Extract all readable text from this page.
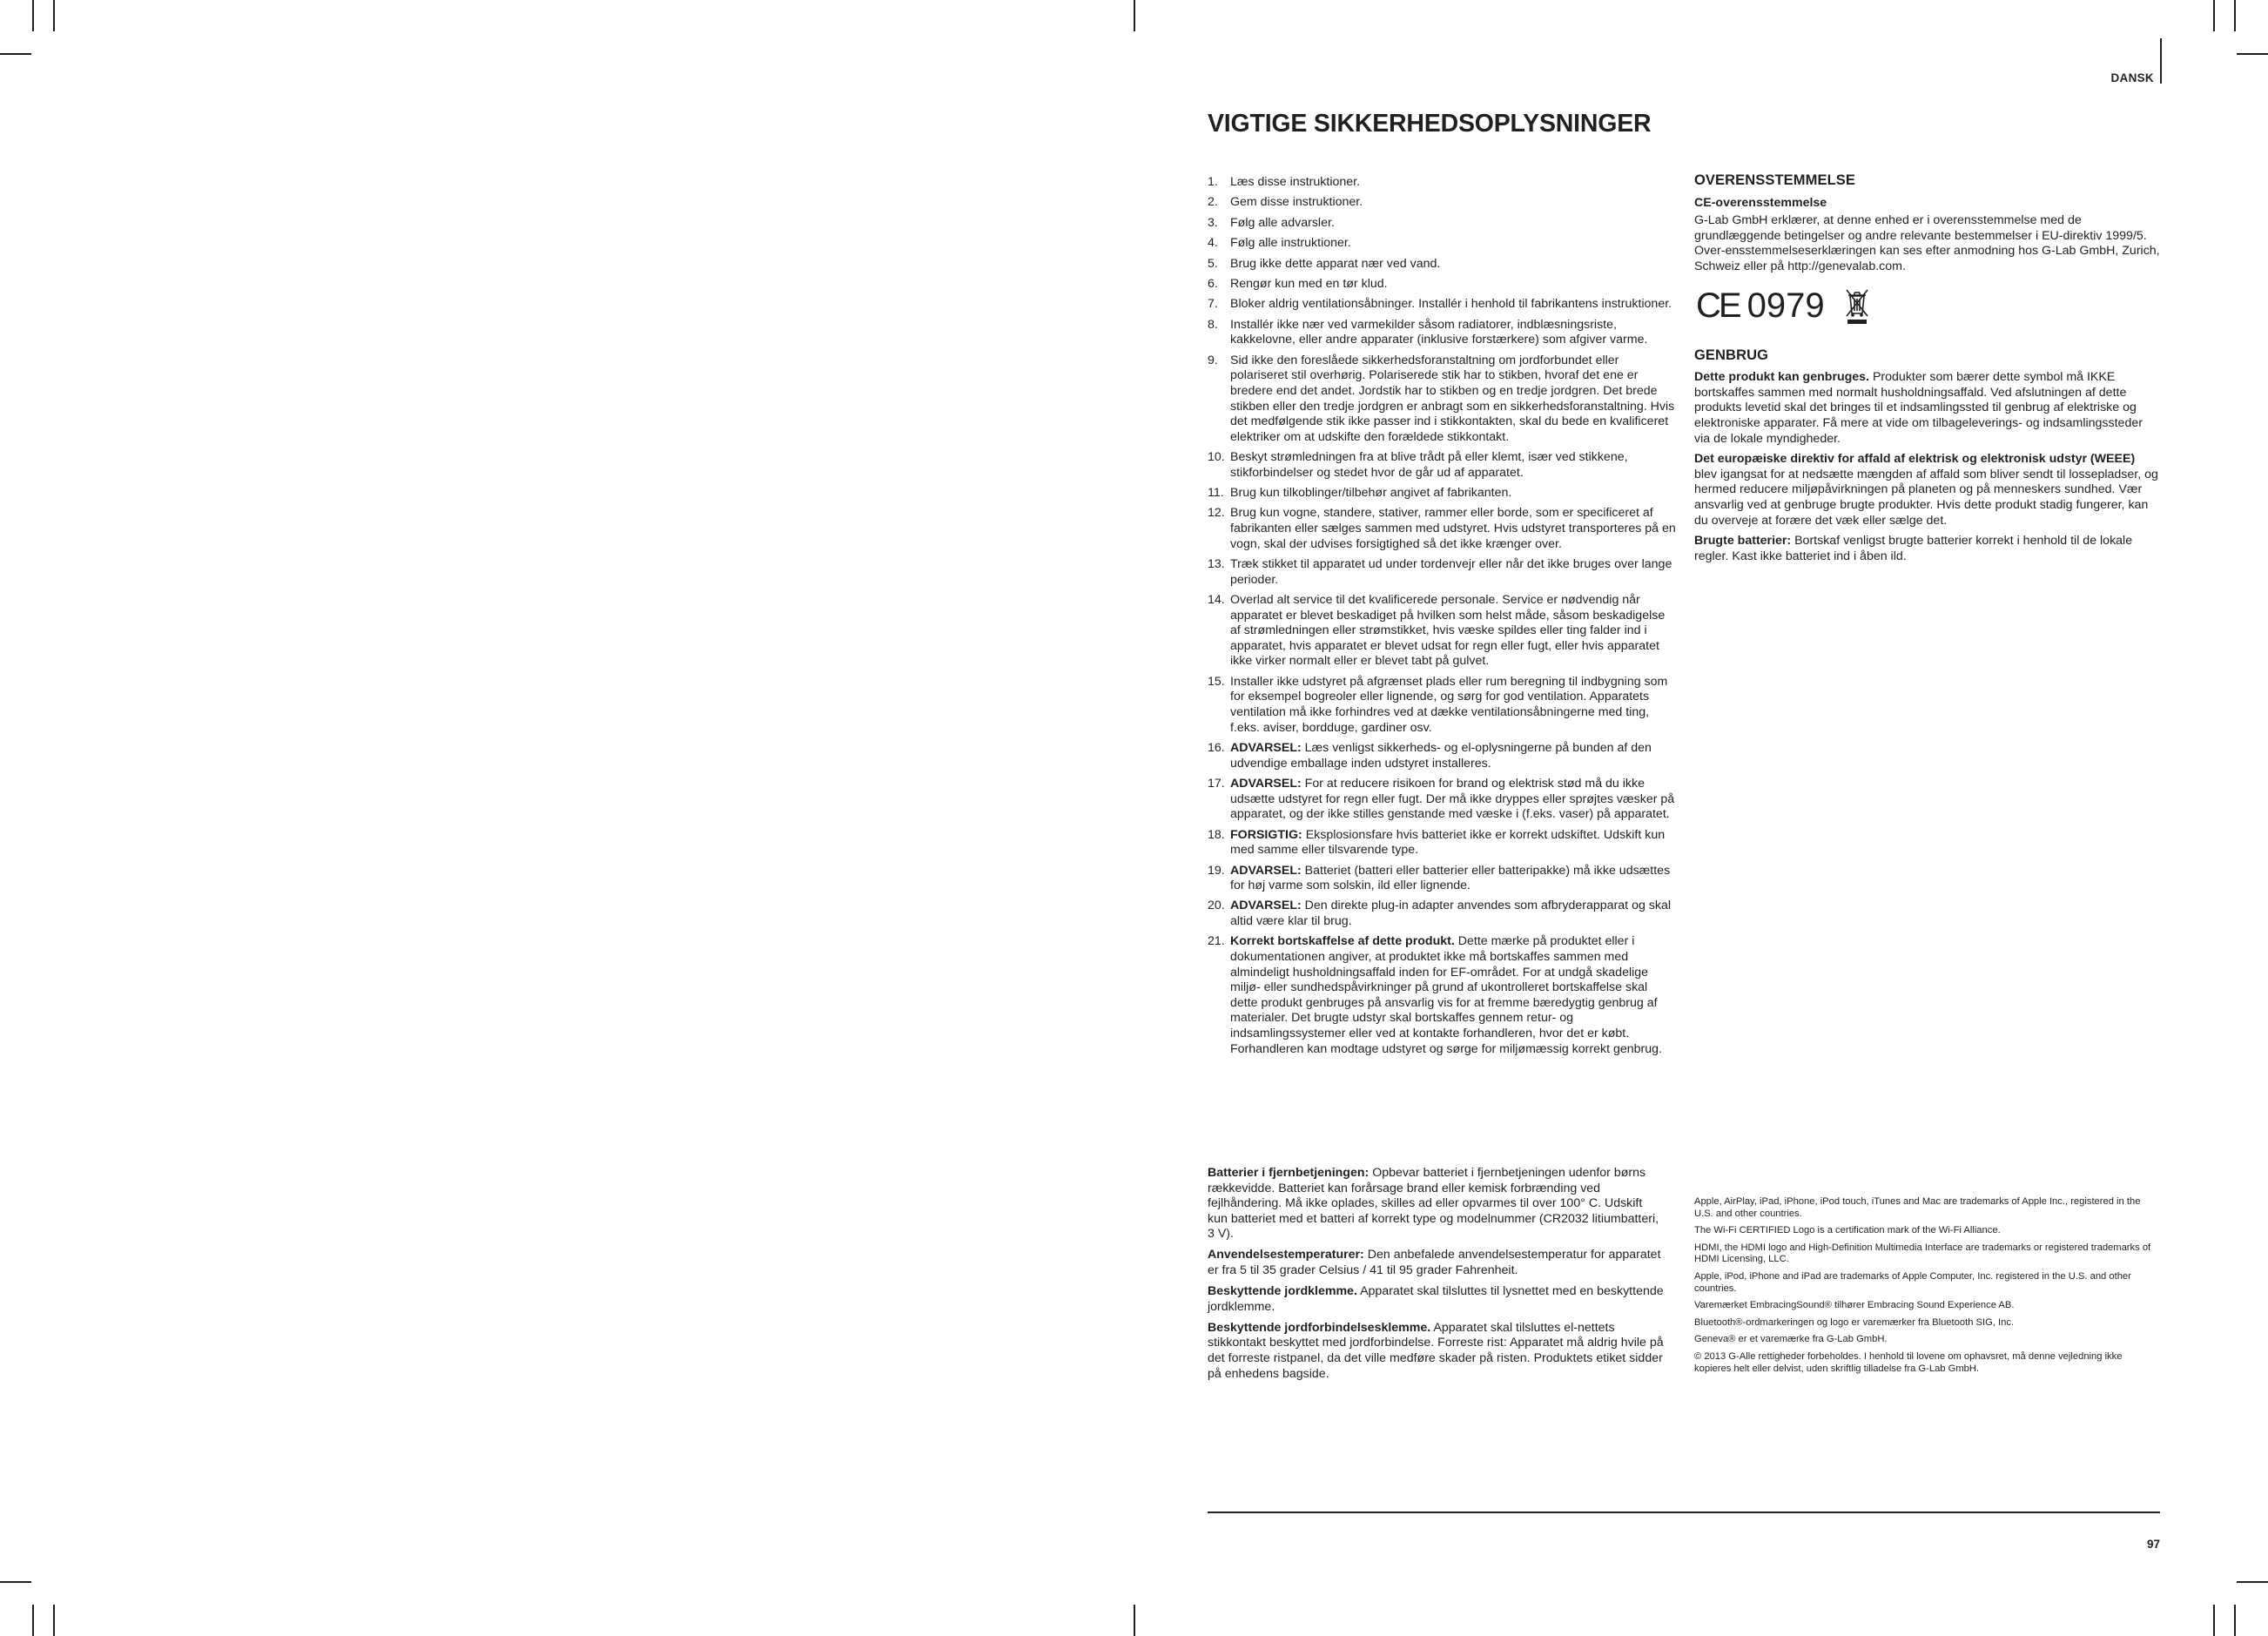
DANSK
VIGTIGE SIKKERHEDSOPLYSNINGER
1. Læs disse instruktioner.
2. Gem disse instruktioner.
3. Følg alle advarsler.
4. Følg alle instruktioner.
5. Brug ikke dette apparat nær ved vand.
6. Rengør kun med en tør klud.
7. Bloker aldrig ventilationsåbninger. Installér i henhold til fabrikantens instruktioner.
8. Installér ikke nær ved varmekilder såsom radiatorer, indblæsningsriste, kakkelovne, eller andre apparater (inklusive forstærkere) som afgiver varme.
9. Sid ikke den foreslåede sikkerhedsforanstaltning om jordforbundet eller polariseret stil overhørig. Polariserede stik har to stikben, hvoraf det ene er bredere end det andet. Jordstik har to stikben og en tredje jordgren. Det brede stikben eller den tredje jordgren er anbragt som en sikkerhedsforanstaltning. Hvis det medfølgende stik ikke passer ind i stikkontakten, skal du bede en kvalificeret elektriker om at udskifte den forældede stikkontakt.
10. Beskyt strømledningen fra at blive trådt på eller klemt, især ved stikkene, stikforbindelser og stedet hvor de går ud af apparatet.
11. Brug kun tilkoblinger/tilbehør angivet af fabrikanten.
12. Brug kun vogne, standere, stativer, rammer eller borde, som er specificeret af fabrikanten eller sælges sammen med udstyret. Hvis udstyret transporteres på en vogn, skal der udvises forsigtighed så det ikke krænger over.
13. Træk stikket til apparatet ud under tordenvejr eller når det ikke bruges over lange perioder.
14. Overlad alt service til det kvalificerede personale. Service er nødvendig når apparatet er blevet beskadiget på hvilken som helst måde, såsom beskadigelse af strømledningen eller strømstikket, hvis væske spildes eller ting falder ind i apparatet, hvis apparatet er blevet udsat for regn eller fugt, eller hvis apparatet ikke virker normalt eller er blevet tabt på gulvet.
15. Installer ikke udstyret på afgrænset plads eller rum beregning til indbygning som for eksempel bogreoler eller lignende, og sørg for god ventilation. Apparatets ventilation må ikke forhindres ved at dække ventilationsåbningerne med ting, f.eks. aviser, bordduge, gardiner osv.
16. ADVARSEL: Læs venligst sikkerheds- og el-oplysningerne på bunden af den udvendige emballage inden udstyret installeres.
17. ADVARSEL: For at reducere risikoen for brand og elektrisk stød må du ikke udsætte udstyret for regn eller fugt. Der må ikke dryppes eller sprøjtes væsker på apparatet, og der ikke stilles genstande med væske i (f.eks. vaser) på apparatet.
18. FORSIGTIG: Eksplosionsfare hvis batteriet ikke er korrekt udskiftet. Udskift kun med samme eller tilsvarende type.
19. ADVARSEL: Batteriet (batteri eller batterier eller batteripakke) må ikke udsættes for høj varme som solskin, ild eller lignende.
20. ADVARSEL: Den direkte plug-in adapter anvendes som afbryderapparat og skal altid være klar til brug.
21. Korrekt bortskaffelse af dette produkt. Dette mærke på produktet eller i dokumentationen angiver, at produktet ikke må bortskaffes sammen med almindeligt husholdningsaffald inden for EF-området. For at undgå skadelige miljø- eller sundhedspåvirkninger på grund af ukontrolleret bortskaffelse skal dette produkt genbruges på ansvarlig vis for at fremme bæredygtig genbrug af materialer. Det brugte udstyr skal bortskaffes gennem retur- og indsamlingssystemer eller ved at kontakte forhandleren, hvor det er købt. Forhandleren kan modtage udstyret og sørge for miljømæssig korrekt genbrug.

Batterier i fjernbetjeningen: Opbevar batteriet i fjernbetjeningen udenfor børns rækkevidde. Batteriet kan forårsage brand eller kemisk forbrænding ved fejlhåndering. Må ikke oplades, skilles ad eller opvarmes til over 100° C. Udskift kun batteriet med et batteri af korrekt type og modelnummer (CR2032 litiumbatteri, 3 V).

Anvendelsestemperaturer: Den anbefalede anvendelsestemperatur for apparatet er fra 5 til 35 grader Celsius / 41 til 95 grader Fahrenheit.

Beskyttende jordklemme. Apparatet skal tilsluttes til lysnettet med en beskyttende jordklemme.

Beskyttende jordforbindelsesklemme. Apparatet skal tilsluttes el-nettets stikkontakt beskyttet med jordforbindelse. Forreste rist: Apparatet må aldrig hvile på det forreste ristpanel, da det ville medføre skader på risten. Produktets etiket sidder på enhedens bagside.

OVERENSSTEMMELSE
CE-overensstemmelse

G-Lab GmbH erklærer, at denne enhed er i overensstemmelse med de grundlæggende betingelser og andre relevante bestemmelser i EU-direktiv 1999/5. Over-ensstemmelseserklæringen kan ses efter anmodning hos G-Lab GmbH, Zurich, Schweiz eller på http://genevalab.com.

CE 0979
GENBRUG

Dette produkt kan genbruges. Produkter som bærer dette symbol må IKKE bortskaffes sammen med normalt husholdningsaffald. Ved afslutningen af dette produkts levetid skal det bringes til et indsamlingssted til genbrug af elektriske og elektroniske apparater. Få mere at vide om tilbageleverings- og indsamlingssteder via de lokale myndigheder.

Det europæiske direktiv for affald af elektrisk og elektronisk udstyr (WEEE) blev igangsat for at nedsætte mængden af affald som bliver sendt til lossepladser, og hermed reducere miljøpåvirkningen på planeten og på menneskers sundhed. Vær ansvarlig ved at genbruge brugte produkter. Hvis dette produkt stadig fungerer, kan du overveje at forære det væk eller sælge det.

Brugte batterier: Bortskaf venligst brugte batterier korrekt i henhold til de lokale regler. Kast ikke batteriet ind i åben ild.

Apple, AirPlay, iPad, iPhone, iPod touch, iTunes and Mac are trademarks of Apple Inc., registered in the U.S. and other countries.

The Wi-Fi CERTIFIED Logo is a certification mark of the Wi-Fi Alliance.

HDMI, the HDMI logo and High-Definition Multimedia Interface are trademarks or registered trademarks of HDMI Licensing, LLC.

Apple, iPod, iPhone and iPad are trademarks of Apple Computer, Inc. registered in the U.S. and other countries.

Varemærket EmbracingSound® tilhører Embracing Sound Experience AB.

Bluetooth®-ordmarkeringen og logo er varemærker fra Bluetooth SIG, Inc.

Geneva® er et varemærke fra G-Lab GmbH.

© 2013 G-Alle rettigheder forbeholdes. I henhold til lovene om ophavsret, må denne vejledning ikke kopieres helt eller delvist, uden skriftlig tilladelse fra G-Lab GmbH.

97
